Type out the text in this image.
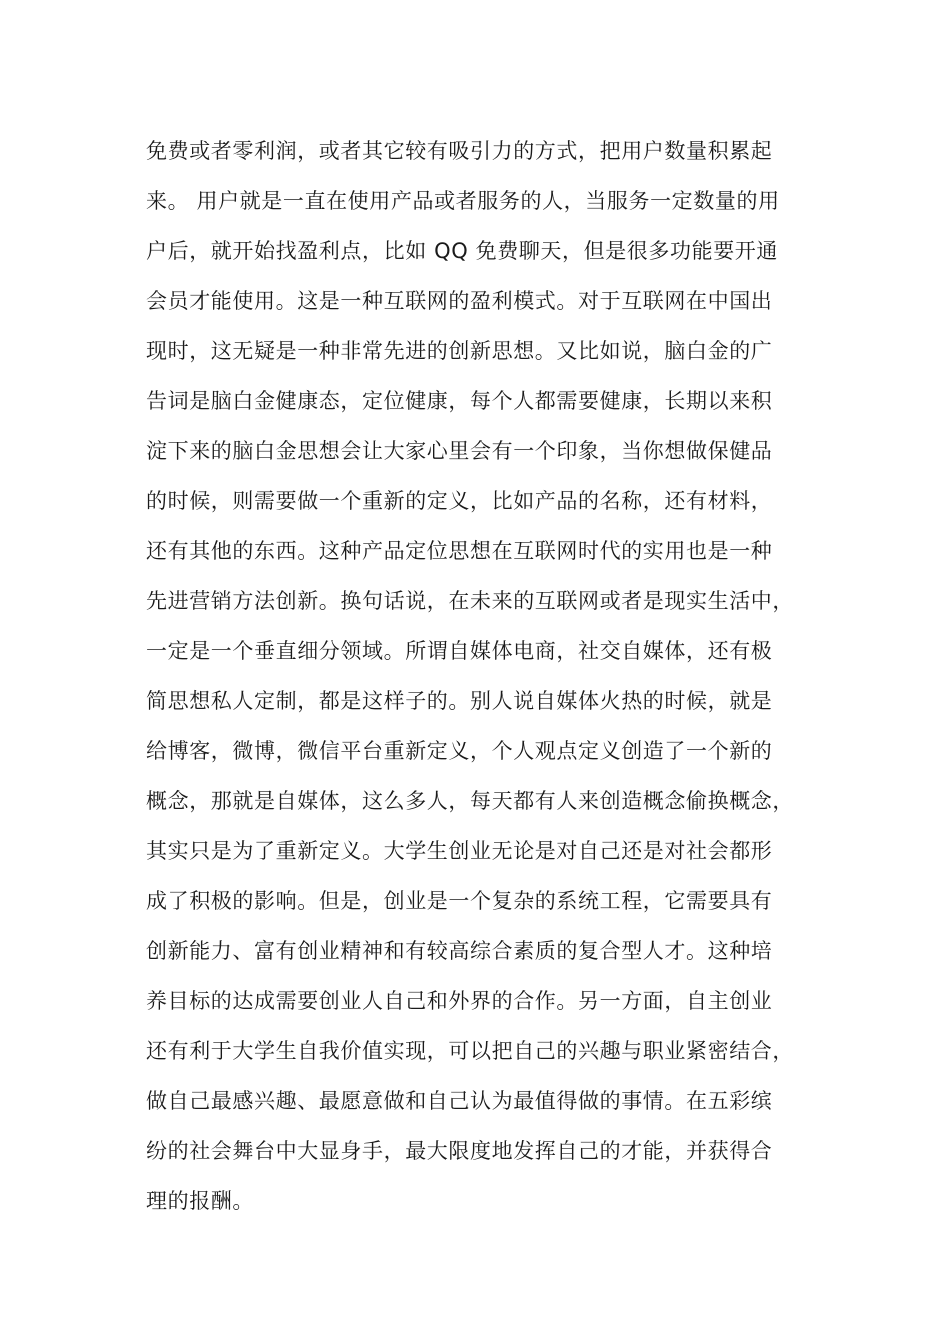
免费或者零利润，或者其它较有吸引力的方式，把用户数量积累起
来。 用户就是一直在使用产品或者服务的人，当服务一定数量的用
户后，就开始找盈利点，比如 QQ 免费聊天，但是很多功能要开通
会员才能使用。这是一种互联网的盈利模式。对于互联网在中国出
现时，这无疑是一种非常先进的创新思想。又比如说，脑白金的广
告词是脑白金健康态，定位健康，每个人都需要健康，长期以来积
淀下来的脑白金思想会让大家心里会有一个印象，当你想做保健品
的时候，则需要做一个重新的定义，比如产品的名称，还有材料，
还有其他的东西。这种产品定位思想在互联网时代的实用也是一种
先进营销方法创新。换句话说，在未来的互联网或者是现实生活中，
一定是一个垂直细分领域。所谓自媒体电商，社交自媒体，还有极
简思想私人定制，都是这样子的。别人说自媒体火热的时候，就是
给博客，微博，微信平台重新定义，个人观点定义创造了一个新的
概念，那就是自媒体，这么多人，每天都有人来创造概念偷换概念，
其实只是为了重新定义。大学生创业无论是对自己还是对社会都形
成了积极的影响。但是，创业是一个复杂的系统工程，它需要具有
创新能力、富有创业精神和有较高综合素质的复合型人才。这种培
养目标的达成需要创业人自己和外界的合作。另一方面，自主创业
还有利于大学生自我价值实现，可以把自己的兴趣与职业紧密结合，
做自己最感兴趣、最愿意做和自己认为最值得做的事情。在五彩缤
纷的社会舞台中大显身手，最大限度地发挥自己的才能，并获得合
理的报酬。
